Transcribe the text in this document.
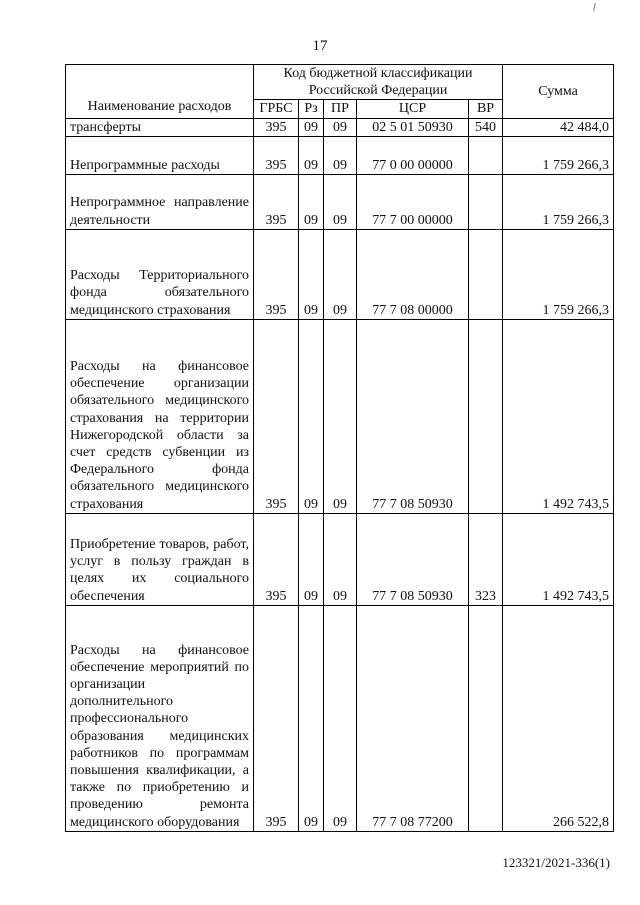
17
Наименование расходов	Код бюджетной классификации Российской Федерации					Сумма
	ГРБС	Рз	ПР	ЦСР	ВР	
трансферты	395	09	09	02 5 01 50930	540	42 484,0
Непрограммные расходы	395	09	09	77 0 00 00000		1 759 266,3
Непрограммное направление деятельности	395	09	09	77 7 00 00000		1 759 266,3
Расходы Территориального фонда обязательного медицинского страхования	395	09	09	77 7 08 00000		1 759 266,3
Расходы на финансовое обеспечение организации обязательного медицинского страхования на территории Нижегородской области за счет средств субвенции из Федерального фонда обязательного медицинского страхования	395	09	09	77 7 08 50930		1 492 743,5
Приобретение товаров, работ, услуг в пользу граждан в целях их социального обеспечения	395	09	09	77 7 08 50930	323	1 492 743,5
Расходы на финансовое обеспечение мероприятий по организации дополнительного профессионального образования медицинских работников по программам повышения квалификации, а также по приобретению и проведению ремонта медицинского оборудования	395	09	09	77 7 08 77200		266 522,8
123321/2021-336(1)
